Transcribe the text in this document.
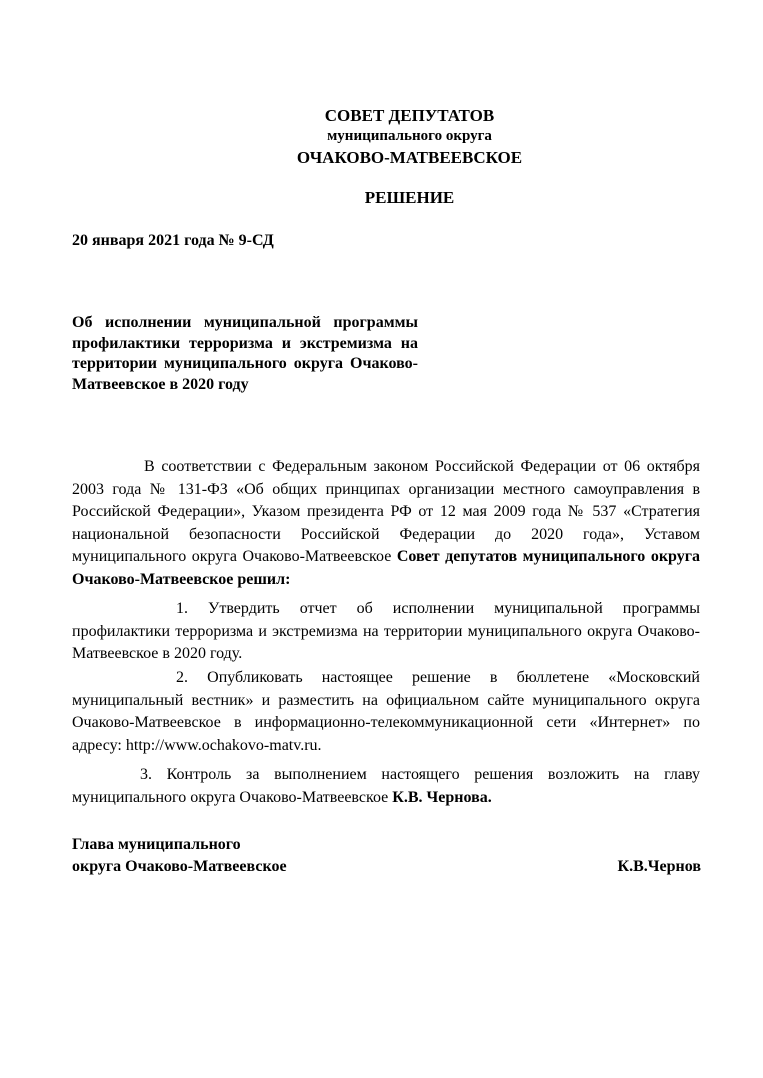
СОВЕТ ДЕПУТАТОВ
муниципального округа
ОЧАКОВО-МАТВЕЕВСКОЕ
РЕШЕНИЕ
20 января 2021 года № 9-СД
Об исполнении муниципальной программы профилактики терроризма и экстремизма на территории муниципального округа Очаково-Матвеевское в 2020 году
В соответствии с Федеральным законом Российской Федерации от 06 октября 2003 года № 131-ФЗ «Об общих принципах организации местного самоуправления в Российской Федерации», Указом президента РФ от 12 мая 2009 года № 537 «Стратегия национальной безопасности Российской Федерации до 2020 года», Уставом муниципального округа Очаково-Матвеевское Совет депутатов муниципального округа Очаково-Матвеевское решил:
1. Утвердить отчет об исполнении муниципальной программы профилактики терроризма и экстремизма на территории муниципального округа Очаково-Матвеевское в 2020 году.
2. Опубликовать настоящее решение в бюллетене «Московский муниципальный вестник» и разместить на официальном сайте муниципального округа Очаково-Матвеевское в информационно-телекоммуникационной сети «Интернет» по адресу: http://www.ochakovo-matv.ru.
3. Контроль за выполнением настоящего решения возложить на главу муниципального округа Очаково-Матвеевское К.В. Чернова.
Глава муниципального
округа Очаково-Матвеевское	К.В.Чернов
